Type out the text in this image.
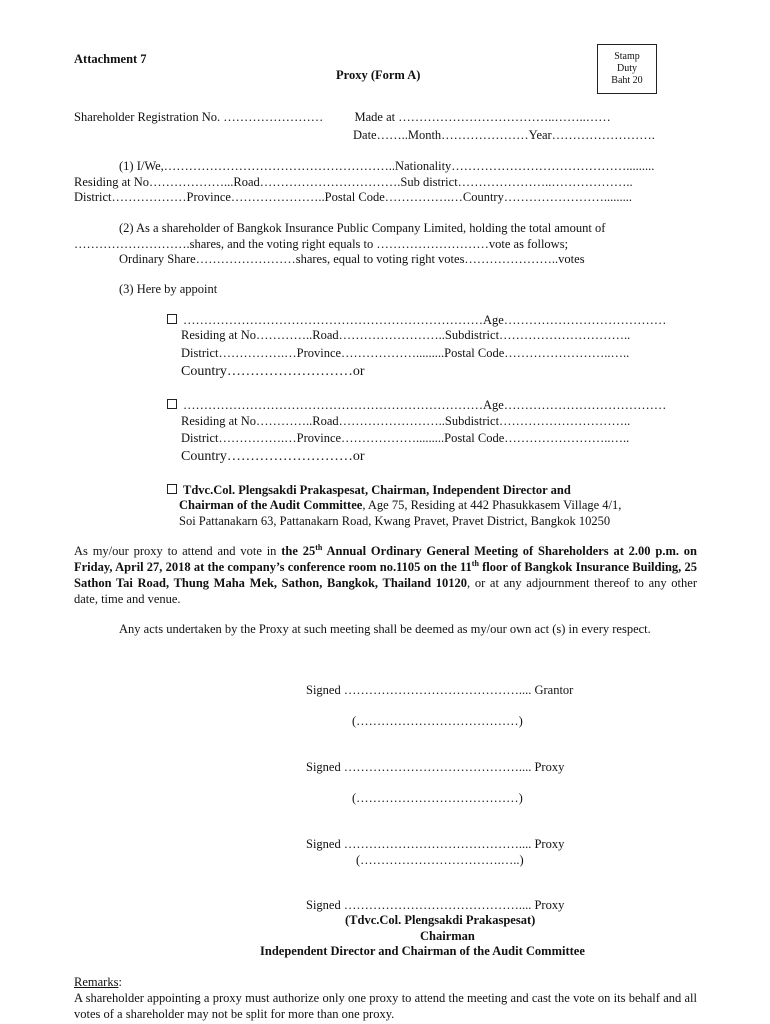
Attachment 7
Proxy (Form A)
Stamp
Duty
Baht 20
Shareholder Registration No. ……………………          Made at ………………………………..……..……
Date……..Month…………………Year…………………….
(1) I/We,………………………………………………..Nationality…………………………………….........
Residing at No………………...Road…………………………….Sub district…………………..………………..
District………………Province…………………..Postal Code…………….…Country…………………….........
(2) As a shareholder of Bangkok Insurance Public Company Limited, holding the total amount of
……………………….shares, and the voting right equals to ………………………vote as follows;
Ordinary Share……………………shares, equal to voting right votes…………………..votes
(3) Here by appoint
………………………………………………………………Age…………………………………
Residing at No…………..Road……………………..Subdistrict…………………………..
District…………….…Province……………….........Postal Code……………………..…..
Country………………………or
………………………………………………………………Age…………………………………
Residing at No…………..Road……………………..Subdistrict…………………………..
District…………….…Province……………….........Postal Code……………………..…..
Country………………………or
Tdvc.Col. Plengsakdi Prakaspesat, Chairman, Independent Director and
Chairman of the Audit Committee, Age 75, Residing at 442 Phasukkasem Village 4/1,
Soi Pattanakarn 63, Pattanakarn Road, Kwang Pravet, Pravet District, Bangkok 10250
As my/our proxy to attend and vote in the 25th Annual Ordinary General Meeting of Shareholders at 2.00 p.m. on Friday, April 27, 2018 at the company’s conference room no.1105 on the 11th floor of Bangkok Insurance Building, 25 Sathon Tai Road, Thung Maha Mek, Sathon, Bangkok, Thailand 10120, or at any adjournment thereof to any other date, time and venue.
Any acts undertaken by the Proxy at such meeting shall be deemed as my/our own act (s) in every respect.
Signed …………………………………….... Grantor
(…………………………………)
Signed …………………………………….... Proxy
(…………………………………)
Signed …………………………………….... Proxy
(…………………………….…..)
Signed …………………………………….... Proxy
(Tdvc.Col. Plengsakdi Prakaspesat)
Chairman
Independent Director and Chairman of the Audit Committee
Remarks:
A shareholder appointing a proxy must authorize only one proxy to attend the meeting and cast the vote on its behalf and all votes of a shareholder may not be split for more than one proxy.
